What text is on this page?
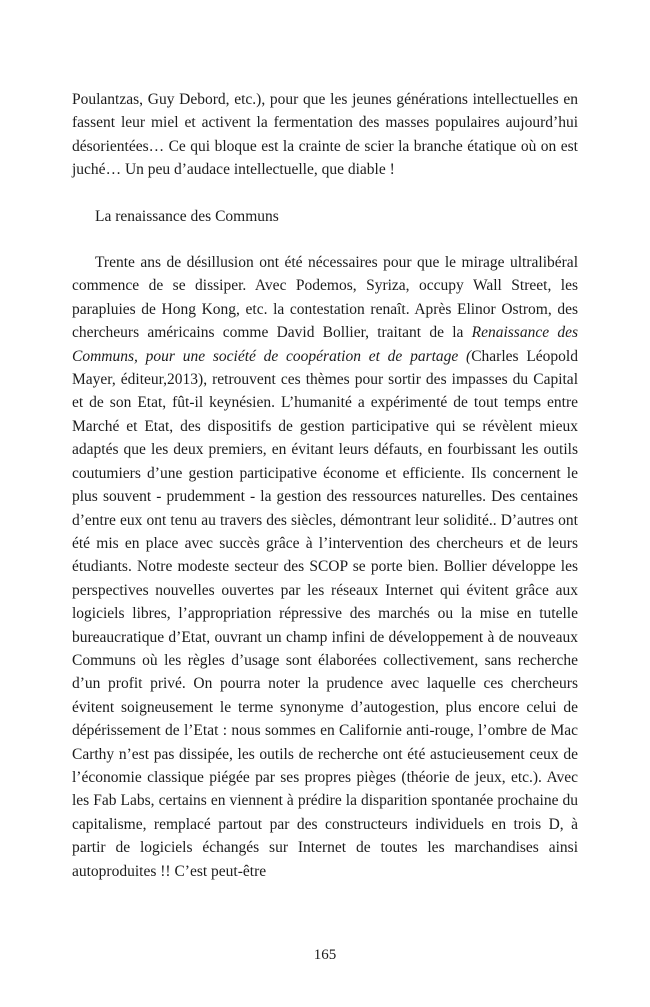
Poulantzas, Guy Debord, etc.), pour que les jeunes générations intellectuelles en fassent leur miel et activent la fermentation des masses populaires aujourd’hui désorientées… Ce qui bloque est la crainte de scier la branche étatique où on est juché… Un peu d’audace intellectuelle, que diable !

La renaissance des Communs

Trente ans de désillusion ont été nécessaires pour que le mirage ultralibéral commence de se dissiper. Avec Podemos, Syriza, occupy Wall Street, les parapluies de Hong Kong, etc. la contestation renaît. Après Elinor Ostrom, des chercheurs américains comme David Bollier, traitant de la Renaissance des Communs, pour une société de coopération et de partage (Charles Léopold Mayer, éditeur,2013), retrouvent ces thèmes pour sortir des impasses du Capital et de son Etat, fût-il keynésien. L’humanité a expérimenté de tout temps entre Marché et Etat, des dispositifs de gestion participative qui se révèlent mieux adaptés que les deux premiers, en évitant leurs défauts, en fourbissant les outils coutumiers d’une gestion participative économe et efficiente. Ils concernent le plus souvent - prudemment - la gestion des ressources naturelles. Des centaines d’entre eux ont tenu au travers des siècles, démontrant leur solidité.. D’autres ont été mis en place avec succès grâce à l’intervention des chercheurs et de leurs étudiants. Notre modeste secteur des SCOP se porte bien. Bollier développe les perspectives nouvelles ouvertes par les réseaux Internet qui évitent grâce aux logiciels libres, l’appropriation répressive des marchés ou la mise en tutelle bureaucratique d’Etat, ouvrant un champ infini de développement à de nouveaux Communs où les règles d’usage sont élaborées collectivement, sans recherche d’un profit privé. On pourra noter la prudence avec laquelle ces chercheurs évitent soigneusement le terme synonyme d’autogestion, plus encore celui de dépérissement de l’Etat : nous sommes en Californie anti-rouge, l’ombre de Mac Carthy n’est pas dissipée, les outils de recherche ont été astucieusement ceux de l’économie classique piégée par ses propres pièges (théorie de jeux, etc.). Avec les Fab Labs, certains en viennent à prédire la disparition spontanée prochaine du capitalisme, remplacé partout par des constructeurs individuels en trois D, à partir de logiciels échangés sur Internet de toutes les marchandises ainsi autoproduites !! C’est peut-être

165
